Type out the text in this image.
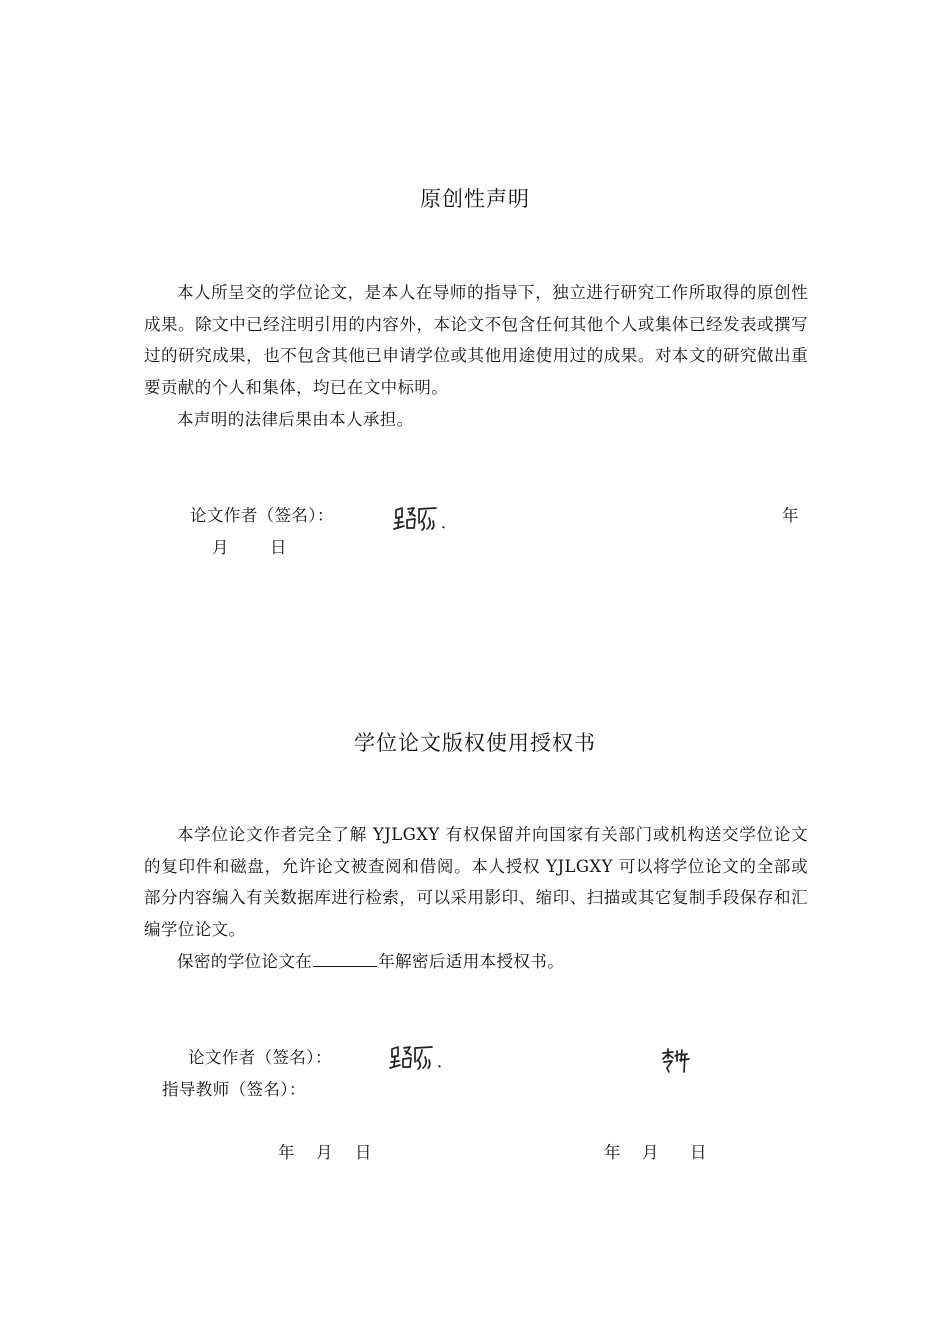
原创性声明
本人所呈交的学位论文，是本人在导师的指导下，独立进行研究工作所取得的原创性成果。除文中已经注明引用的内容外，本论文不包含任何其他个人或集体已经发表或撰写过的研究成果，也不包含其他已申请学位或其他用途使用过的成果。对本文的研究做出重要贡献的个人和集体，均已在文中标明。
本声明的法律后果由本人承担。
论文作者（签名）：	年
月 日
学位论文版权使用授权书
本学位论文作者完全了解 YJLGXY 有权保留并向国家有关部门或机构送交学位论文的复印件和磁盘，允许论文被查阅和借阅。本人授权 YJLGXY 可以将学位论文的全部或部分内容编入有关数据库进行检索，可以采用影印、缩印、扫描或其它复制手段保存和汇编学位论文。
保密的学位论文在	年解密后适用本授权书。
论文作者（签名）：
指导教师（签名）：
年 月 日	年 月 日
